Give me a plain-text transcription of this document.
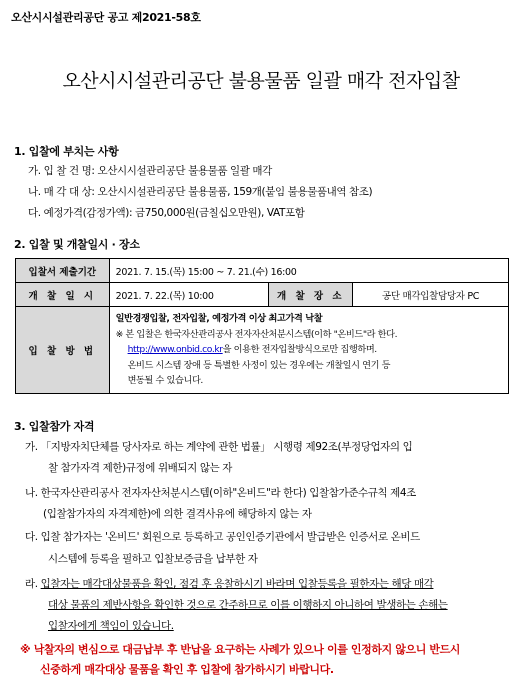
오산시시설관리공단 공고 제2021-58호
오산시시설관리공단 불용물품 일괄 매각 전자입찰
1. 입찰에 부치는 사항
가. 입 찰 건 명: 오산시시설관리공단 불용물품 일괄 매각
나. 매 각 대 상: 오산시시설관리공단 불용물품, 159개(붙임 불용물품내역 참조)
다. 예정가격(감정가액): 금750,000원(금칠십오만원), VAT포함
2. 입찰 및 개찰일시 · 장소
입찰서 제출기간	2021. 7. 15.(목) 15:00 ~ 7. 21.(수) 16:00		
개 찰 일 시	2021. 7. 22.(목) 10:00	개 찰 장 소	공단 매각입찰담당자 PC
입 찰 방 법	일반경쟁입찰, 전자입찰, 예정가격 이상 최고가격 낙찰
※ 본 입찰은 한국자산관리공사 전자자산처분시스템(이하 "온비드"라 한다.
http://www.onbid.co.kr을 이용한 전자입찰방식으로만 집행하며.
온비드 시스템 장애 등 특별한 사정이 있는 경우에는 개찰일시 연기 등
변동될 수 있습니다.		
3. 입찰참가 자격
가. 「지방자치단체를 당사자로 하는 계약에 관한 법률」 시행령 제92조(부정당업자의 입
찰 참가자격 제한)규정에 위배되지 않는 자
나. 한국자산관리공사 전자자산처분시스템(이하"온비드"라 한다) 입찰참가준수규칙 제4조
(입찰참가자의 자격제한)에 의한 결격사유에 해당하지 않는 자
다. 입찰 참가자는 '온비드' 회원으로 등록하고 공인인증기관에서 발급받은 인증서로 온비드
시스템에 등록을 필하고 입찰보증금을 납부한 자
라. 입찰자는 매각대상물품을 확인, 점검 후 응찰하시기 바라며 입찰등록을 필한자는 해당 매각
대상 물품의 제반사항을 확인한 것으로 간주하므로 이를 이행하지 아니하여 발생하는 손해는
입찰자에게 책임이 있습니다.
※ 낙찰자의 변심으로 대금납부 후 반납을 요구하는 사례가 있으나 이를 인정하지 않으니 반드시
신중하게 매각대상 물품을 확인 후 입찰에 참가하시기 바랍니다.
